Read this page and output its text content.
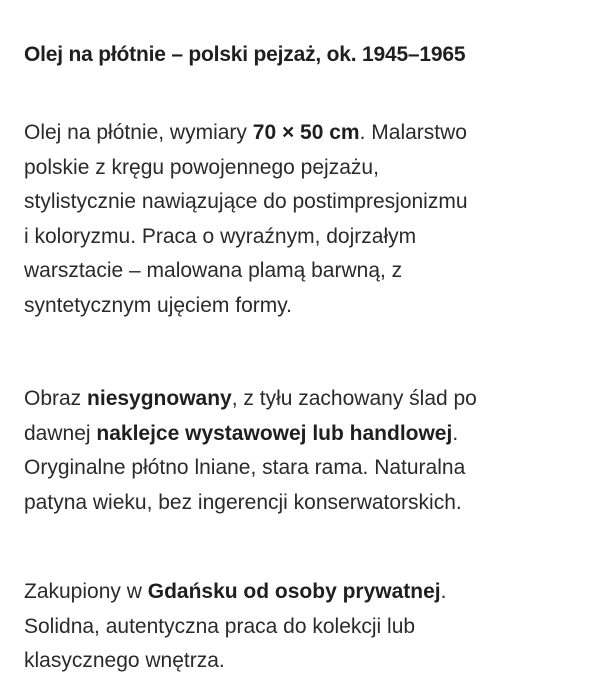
Olej na płótnie – polski pejzaż, ok. 1945–1965

Olej na płótnie, wymiary 70 × 50 cm. Malarstwo
polskie z kręgu powojennego pejzażu,
stylistycznie nawiązujące do postimpresjonizmu
i koloryzmu. Praca o wyraźnym, dojrzałym
warsztacie – malowana plamą barwną, z
syntetycznym ujęciem formy.

Obraz niesygnowany, z tyłu zachowany ślad po
dawnej naklejce wystawowej lub handlowej.
Oryginalne płótno lniane, stara rama. Naturalna
patyna wieku, bez ingerencji konserwatorskich.

Zakupiony w Gdańsku od osoby prywatnej.
Solidna, autentyczna praca do kolekcji lub
klasycznego wnętrza.
